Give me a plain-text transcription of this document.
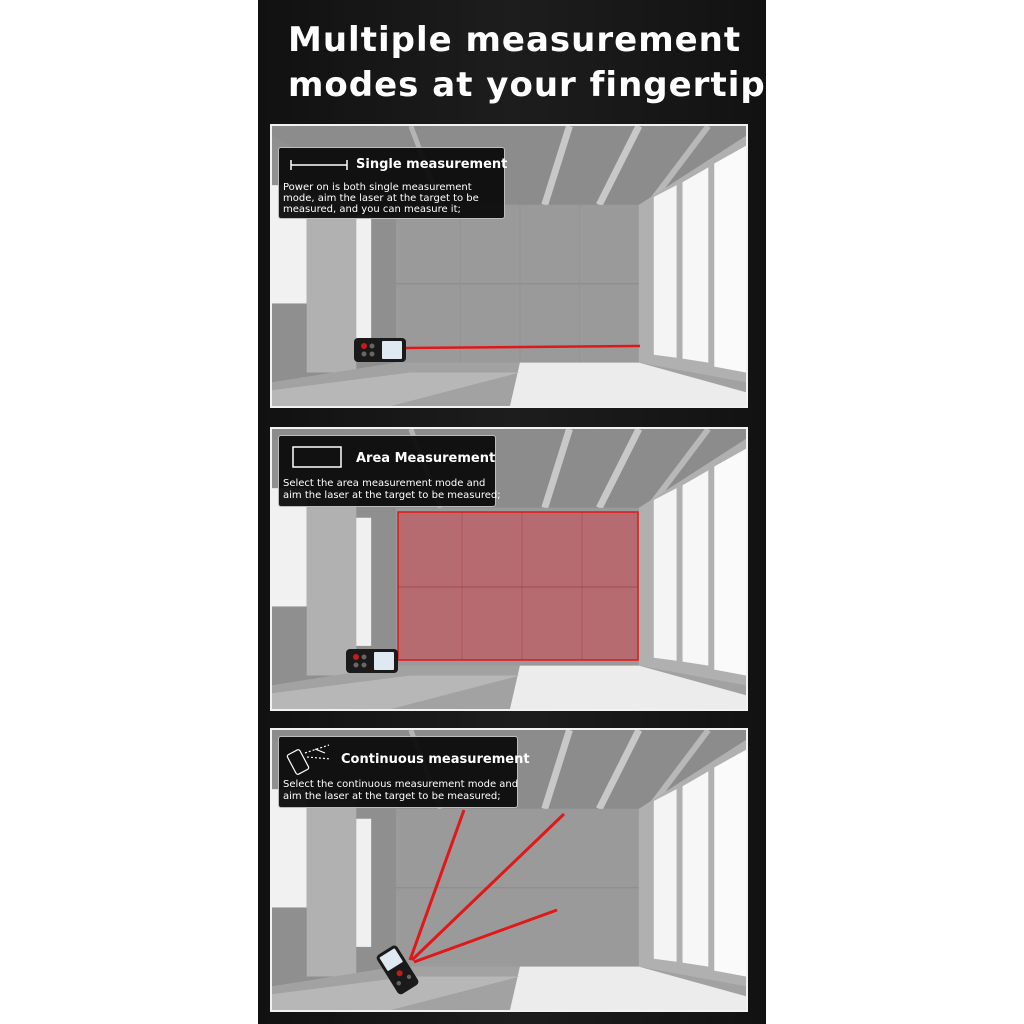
Multiple measurement
modes at your fingertips
Single measurement
Power on is both single measurement
mode, aim the laser at the target to be
measured, and you can measure it;
Area Measurement
Select the area measurement mode and
aim the laser at the target to be measured;
Continuous measurement
Select the continuous measurement mode and
aim the laser at the target to be measured;
